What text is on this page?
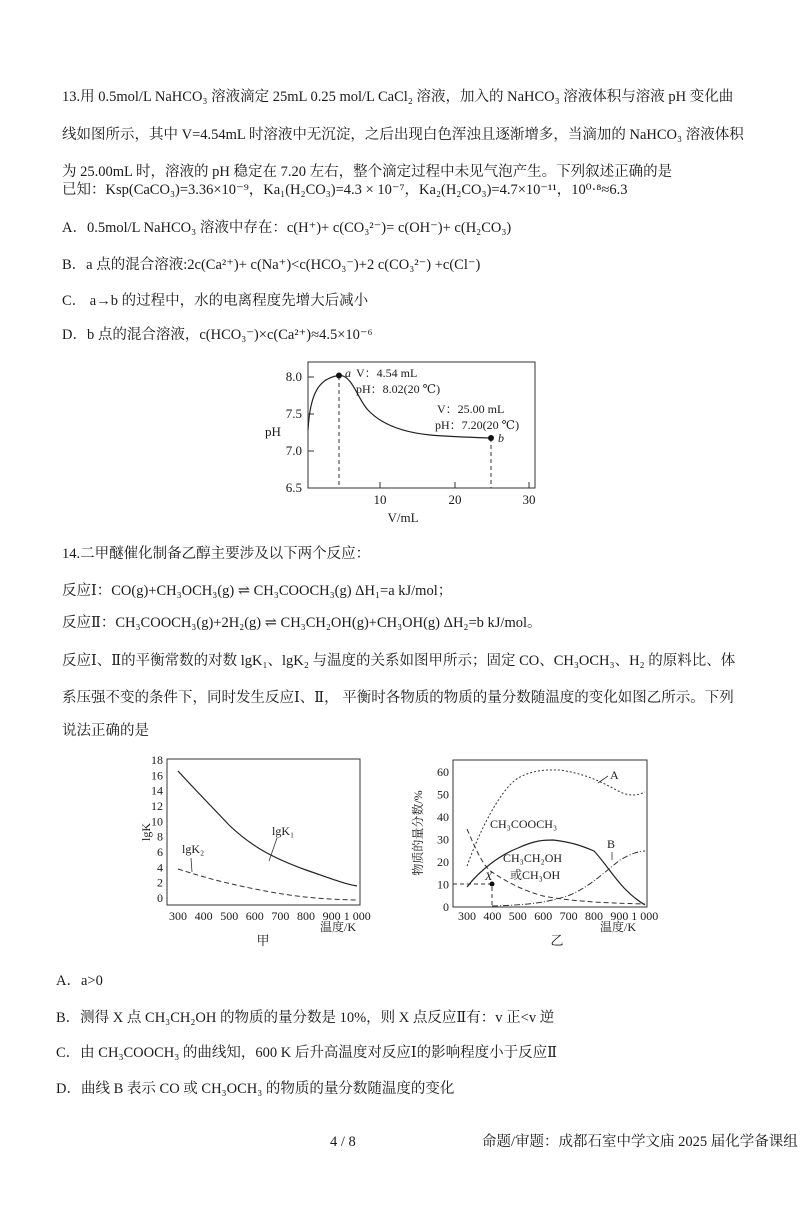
13.用 0.5mol/L NaHCO₃ 溶液滴定 25mL 0.25 mol/L CaCl₂ 溶液，加入的 NaHCO₃ 溶液体积与溶液 pH 变化曲
线如图所示，其中 V=4.54mL 时溶液中无沉淀，之后出现白色浑浊且逐渐增多，当滴加的 NaHCO₃ 溶液体积
为 25.00mL 时，溶液的 pH 稳定在 7.20 左右，整个滴定过程中未见气泡产生。下列叙述正确的是
已知：Ksp(CaCO₃)=3.36×10⁻⁹，Ka₁(H₂CO₃)=4.3 × 10⁻⁷，Ka₂(H₂CO₃)=4.7×10⁻¹¹，10⁰·⁸≈6.3
A．0.5mol/L NaHCO₃ 溶液中存在：c(H⁺)+ c(CO₃²⁻)= c(OH⁻)+ c(H₂CO₃)
B．a 点的混合溶液:2c(Ca²⁺)+ c(Na⁺)<c(HCO₃⁻)+2 c(CO₃²⁻) +c(Cl⁻)
C． a→b 的过程中，水的电离程度先增大后减小
D．b 点的混合溶液，c(HCO₃⁻)×c(Ca²⁺)≈4.5×10⁻⁶
14.二甲醚催化制备乙醇主要涉及以下两个反应：
反应Ⅰ：CO(g)+CH₃OCH₃(g) ⇌ CH₃COOCH₃(g) ΔH₁=a kJ/mol；
反应Ⅱ：CH₃COOCH₃(g)+2H₂(g) ⇌ CH₃CH₂OH(g)+CH₃OH(g) ΔH₂=b kJ/mol。
反应Ⅰ、Ⅱ的平衡常数的对数 lgK₁、lgK₂ 与温度的关系如图甲所示；固定 CO、CH₃OCH₃、H₂ 的原料比、体
系压强不变的条件下，同时发生反应Ⅰ、Ⅱ， 平衡时各物质的物质的量分数随温度的变化如图乙所示。下列
说法正确的是
A．a>0
B．测得 X 点 CH₃CH₂OH 的物质的量分数是 10%，则 X 点反应Ⅱ有：v 正<v 逆
C．由 CH₃COOCH₃ 的曲线知，600 K 后升高温度对反应Ⅰ的影响程度小于反应Ⅱ
D．曲线 B 表示 CO 或 CH₃OCH₃ 的物质的量分数随温度的变化
4 / 8	命题/审题：成都石室中学文庙 2025 届化学备课组
8.0
7.5
7.0
6.5
10	20	30
pH
V/mL
a V：4.54 mL
pH：8.02(20 ℃)
b
V：25.00 mL
pH：7.20(20 ℃)
18
16
14
12
10
8
6
4
2
0
300 400 500 600 700 800 900 1 000
lgK
温度/K
甲
lgK₁
lgK₂
60
50
40
30
20
10
0
300 400 500 600 700 800 900 1 000
物质的量分数/%
温度/K
乙
X
A
B
CH₃COOCH₃
CH₃CH₂OH
或CH₃OH
